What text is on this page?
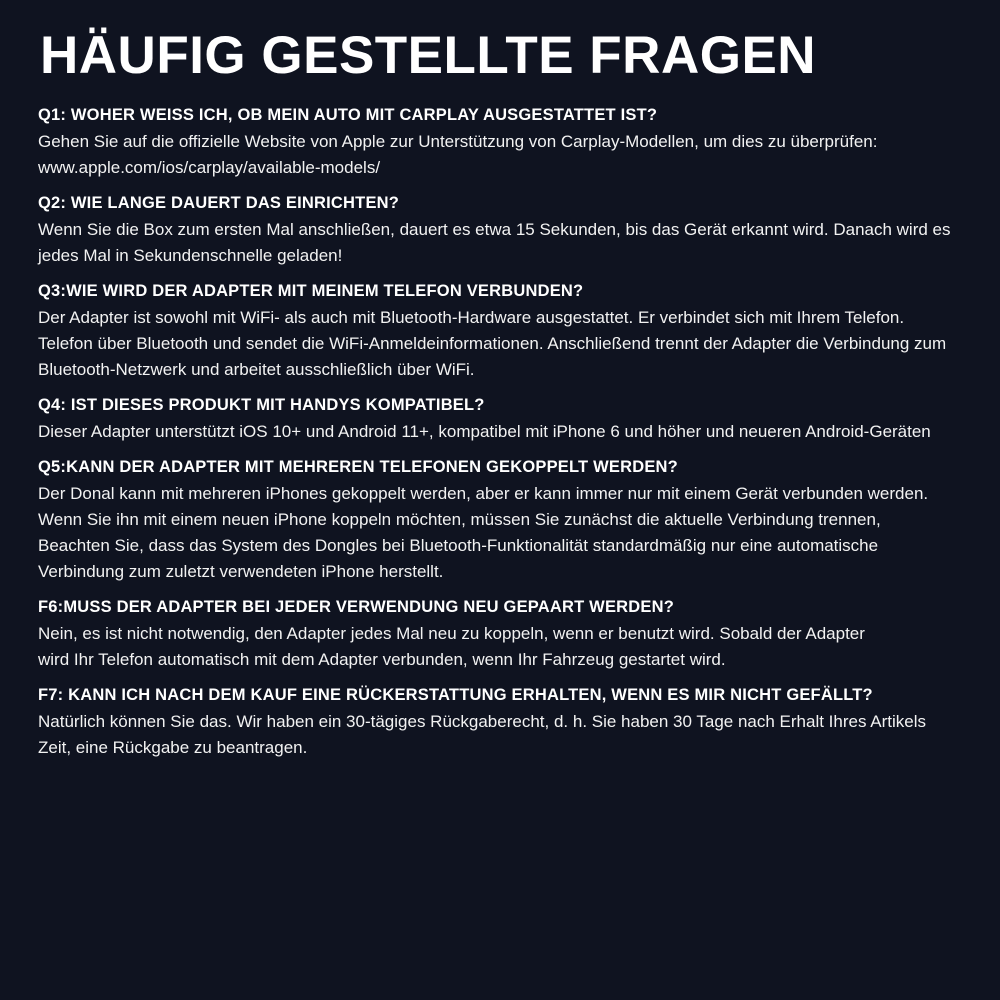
HÄUFIG GESTELLTE FRAGEN

Q1: WOHER WEISS ICH, OB MEIN AUTO MIT CARPLAY AUSGESTATTET IST?

Gehen Sie auf die offizielle Website von Apple zur Unterstützung von Carplay-Modellen, um dies zu überprüfen: www.apple.com/ios/carplay/available-models/

Q2: WIE LANGE DAUERT DAS EINRICHTEN?

Wenn Sie die Box zum ersten Mal anschließen, dauert es etwa 15 Sekunden, bis das Gerät erkannt wird. Danach wird es jedes Mal in Sekundenschnelle geladen!

Q3:WIE WIRD DER ADAPTER MIT MEINEM TELEFON VERBUNDEN?

Der Adapter ist sowohl mit WiFi- als auch mit Bluetooth-Hardware ausgestattet. Er verbindet sich mit Ihrem Telefon.
Telefon über Bluetooth und sendet die WiFi-Anmeldeinformationen. Anschließend trennt der Adapter die Verbindung zum Bluetooth-Netzwerk und arbeitet ausschließlich über WiFi.

Q4: IST DIESES PRODUKT MIT HANDYS KOMPATIBEL?

Dieser Adapter unterstützt iOS 10+ und Android 11+, kompatibel mit iPhone 6 und höher und neueren Android-Geräten

Q5:KANN DER ADAPTER MIT MEHREREN TELEFONEN GEKOPPELT WERDEN?

Der Donal kann mit mehreren iPhones gekoppelt werden, aber er kann immer nur mit einem Gerät verbunden werden. Wenn Sie ihn mit einem neuen iPhone koppeln möchten, müssen Sie zunächst die aktuelle Verbindung trennen,
Beachten Sie, dass das System des Dongles bei Bluetooth-Funktionalität standardmäßig nur eine automatische Verbindung zum zuletzt verwendeten iPhone herstellt.

F6:MUSS DER ADAPTER BEI JEDER VERWENDUNG NEU GEPAART WERDEN?

Nein, es ist nicht notwendig, den Adapter jedes Mal neu zu koppeln, wenn er benutzt wird. Sobald der Adapter
wird Ihr Telefon automatisch mit dem Adapter verbunden, wenn Ihr Fahrzeug gestartet wird.

F7: KANN ICH NACH DEM KAUF EINE RÜCKERSTATTUNG ERHALTEN, WENN ES MIR NICHT GEFÄLLT?

Natürlich können Sie das. Wir haben ein 30-tägiges Rückgaberecht, d. h. Sie haben 30 Tage nach Erhalt Ihres Artikels Zeit, eine Rückgabe zu beantragen.
